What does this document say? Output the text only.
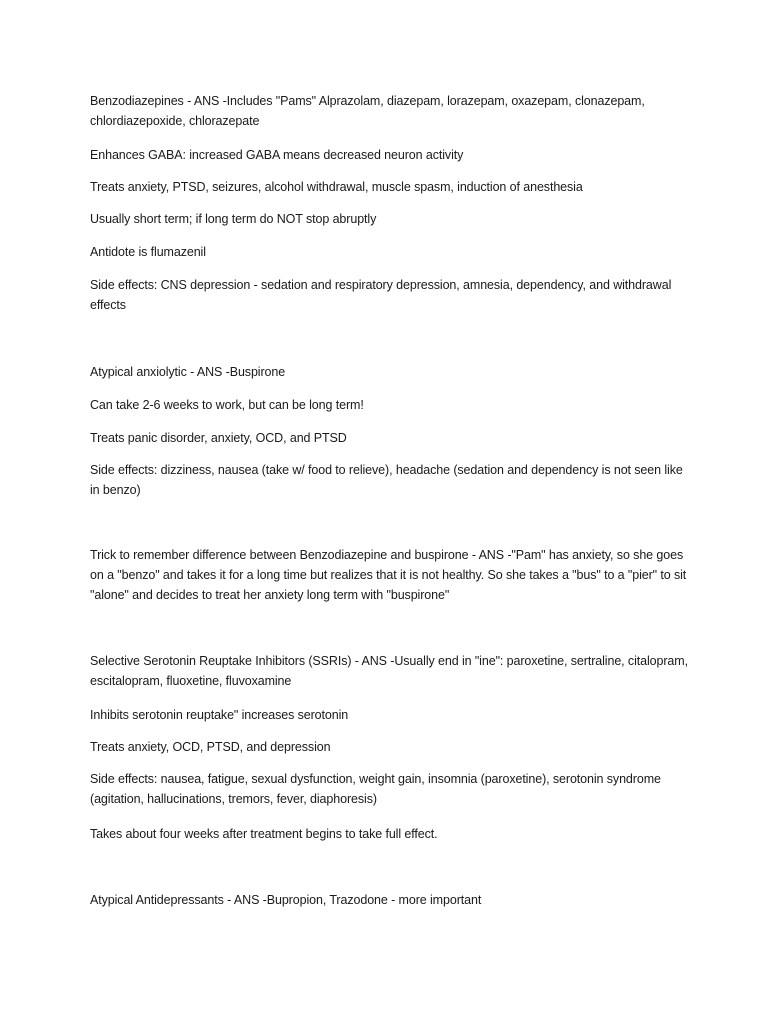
Benzodiazepines - ANS -Includes "Pams" Alprazolam, diazepam, lorazepam, oxazepam, clonazepam, chlordiazepoxide, chlorazepate

Enhances GABA: increased GABA means decreased neuron activity

Treats anxiety, PTSD, seizures, alcohol withdrawal, muscle spasm, induction of anesthesia

Usually short term; if long term do NOT stop abruptly

Antidote is flumazenil

Side effects: CNS depression - sedation and respiratory depression, amnesia, dependency, and withdrawal effects

Atypical anxiolytic - ANS -Buspirone

Can take 2-6 weeks to work, but can be long term!

Treats panic disorder, anxiety, OCD, and PTSD

Side effects: dizziness, nausea (take w/ food to relieve), headache (sedation and dependency is not seen like in benzo)

Trick to remember difference between Benzodiazepine and buspirone - ANS -"Pam" has anxiety, so she goes on a "benzo" and takes it for a long time but realizes that it is not healthy. So she takes a "bus" to a "pier" to sit "alone" and decides to treat her anxiety long term with "buspirone"

Selective Serotonin Reuptake Inhibitors (SSRIs) - ANS -Usually end in "ine": paroxetine, sertraline, citalopram, escitalopram, fluoxetine, fluvoxamine

Inhibits serotonin reuptake" increases serotonin

Treats anxiety, OCD, PTSD, and depression

Side effects: nausea, fatigue, sexual dysfunction, weight gain, insomnia (paroxetine), serotonin syndrome (agitation, hallucinations, tremors, fever, diaphoresis)

Takes about four weeks after treatment begins to take full effect.

Atypical Antidepressants - ANS -Bupropion, Trazodone - more important
